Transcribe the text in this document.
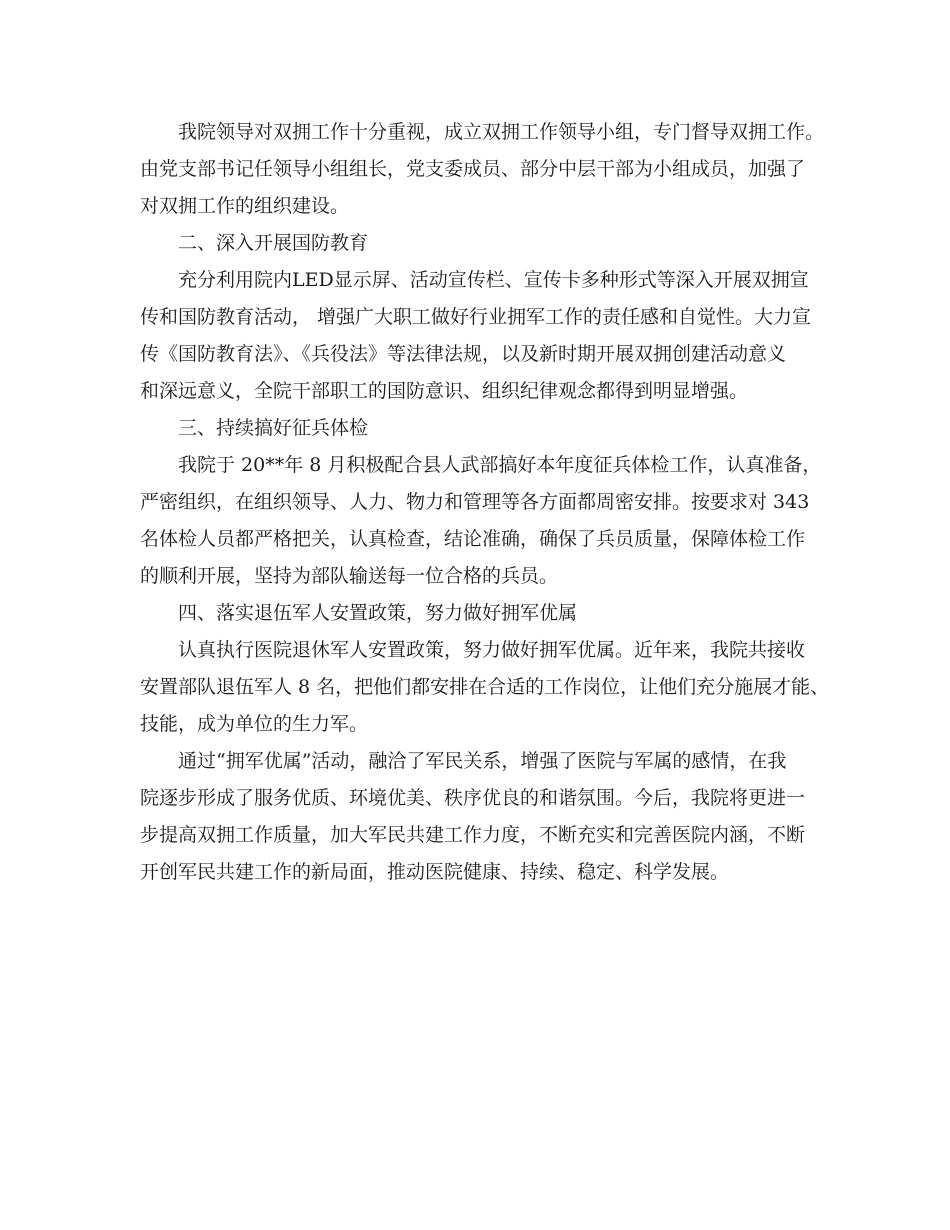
我院领导对双拥工作十分重视，成立双拥工作领导小组，专门督导双拥工作。
由党支部书记任领导小组组长，党支委成员、部分中层干部为小组成员，加强了
对双拥工作的组织建设。
二、深入开展国防教育
充分利用院内LED显示屏、活动宣传栏、宣传卡多种形式等深入开展双拥宣
传和国防教育活动， 增强广大职工做好行业拥军工作的责任感和自觉性。大力宣
传《国防教育法》、《兵役法》等法律法规，以及新时期开展双拥创建活动意义
和深远意义，全院干部职工的国防意识、组织纪律观念都得到明显增强。
三、持续搞好征兵体检
我院于 20**年 8 月积极配合县人武部搞好本年度征兵体检工作，认真准备，
严密组织，在组织领导、人力、物力和管理等各方面都周密安排。按要求对 343
名体检人员都严格把关，认真检查，结论准确，确保了兵员质量，保障体检工作
的顺利开展，坚持为部队输送每一位合格的兵员。
四、落实退伍军人安置政策，努力做好拥军优属
认真执行医院退休军人安置政策，努力做好拥军优属。近年来，我院共接收
安置部队退伍军人 8 名，把他们都安排在合适的工作岗位，让他们充分施展才能、
技能，成为单位的生力军。
通过“拥军优属”活动，融洽了军民关系，增强了医院与军属的感情，在我
院逐步形成了服务优质、环境优美、秩序优良的和谐氛围。今后，我院将更进一
步提高双拥工作质量，加大军民共建工作力度，不断充实和完善医院内涵，不断
开创军民共建工作的新局面，推动医院健康、持续、稳定、科学发展。
